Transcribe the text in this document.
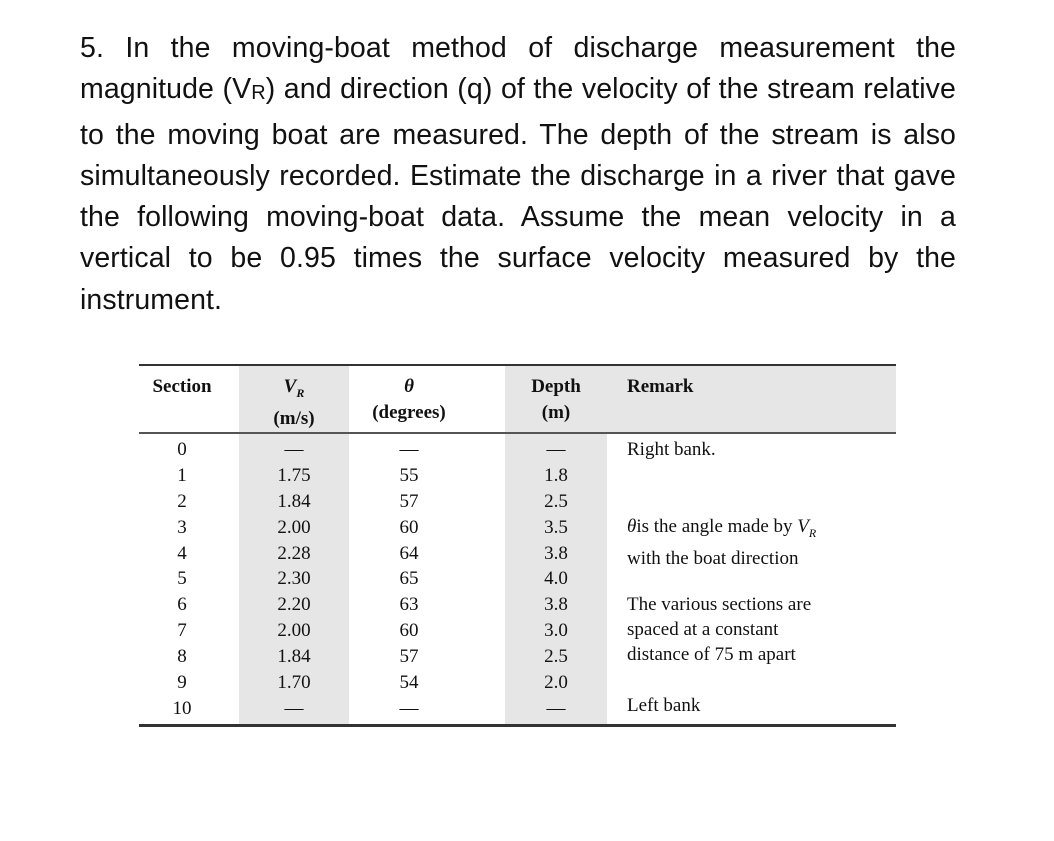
5. In the moving-boat method of discharge measurement the magnitude $(V_R)$ and direction (q) of the velocity of the stream relative to the moving boat are measured. The depth of the stream is also simultaneously recorded. Estimate the discharge in a river that gave the following moving-boat data. Assume the mean velocity in a vertical to be 0.95 times the surface velocity measured by the instrument.
Section	$V_R$
(m/s)
θ
(degrees)
Depth
(m)
Remark
0
1
2
3
4
5
6
7
8
9
10
—
1.75
1.84
2.00
2.28
2.30
2.20
2.00
1.84
1.70
—
—
55
57
60
64
65
63
60
57
54
—
—
1.8
2.5
3.5
3.8
4.0
3.8
3.0
2.5
2.0
—
Right bank.
θis the angle made by $V_R$
with the boat direction
The various sections are
spaced at a constant
distance of 75 m apart
Left bank
